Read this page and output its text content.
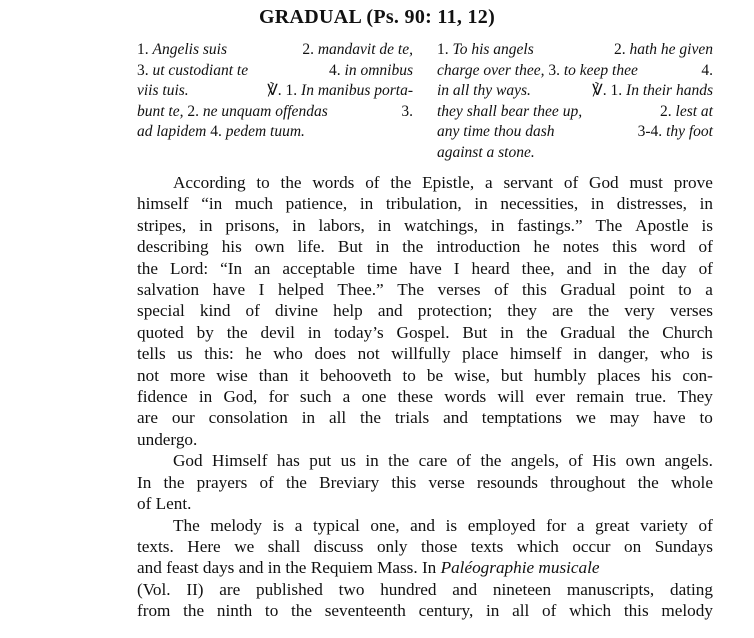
GRADUAL (Ps. 90: 11, 12)
1. Angelis suis	2. mandavit de te,
3. ut custodiant te	4. in omnibus
viis tuis.	℣. 1. In manibus porta-
bunt te, 2. ne unquam offendas	3.
ad lapidem 4. pedem tuum.
1. To his angels	2. hath he given
charge over thee, 3. to keep thee	4.
in all thy ways.	℣. 1. In their hands
they shall bear thee up,	2. lest at
any time thou dash	3-4. thy foot
against a stone.
According to the words of the Epistle, a servant of God must prove
himself “in much patience, in tribulation, in necessities, in distresses, in
stripes, in prisons, in labors, in watchings, in fastings.” The Apostle is
describing his own life. But in the introduction he notes this word of
the Lord: “In an acceptable time have I heard thee, and in the day of
salvation have I helped Thee.” The verses of this Gradual point to a
special kind of divine help and protection; they are the very verses
quoted by the devil in today’s Gospel. But in the Gradual the Church
tells us this: he who does not willfully place himself in danger, who is
not more wise than it behooveth to be wise, but humbly places his con-
fidence in God, for such a one these words will ever remain true. They
are our consolation in all the trials and temptations we may have to
undergo.
God Himself has put us in the care of the angels, of His own angels.
In the prayers of the Breviary this verse resounds throughout the whole
of Lent.
The melody is a typical one, and is employed for a great variety of
texts. Here we shall discuss only those texts which occur on Sundays
and feast days and in the Requiem Mass. In Paléographie musicale
(Vol. II) are published two hundred and nineteen manuscripts, dating
from the ninth to the seventeenth century, in all of which this melody
